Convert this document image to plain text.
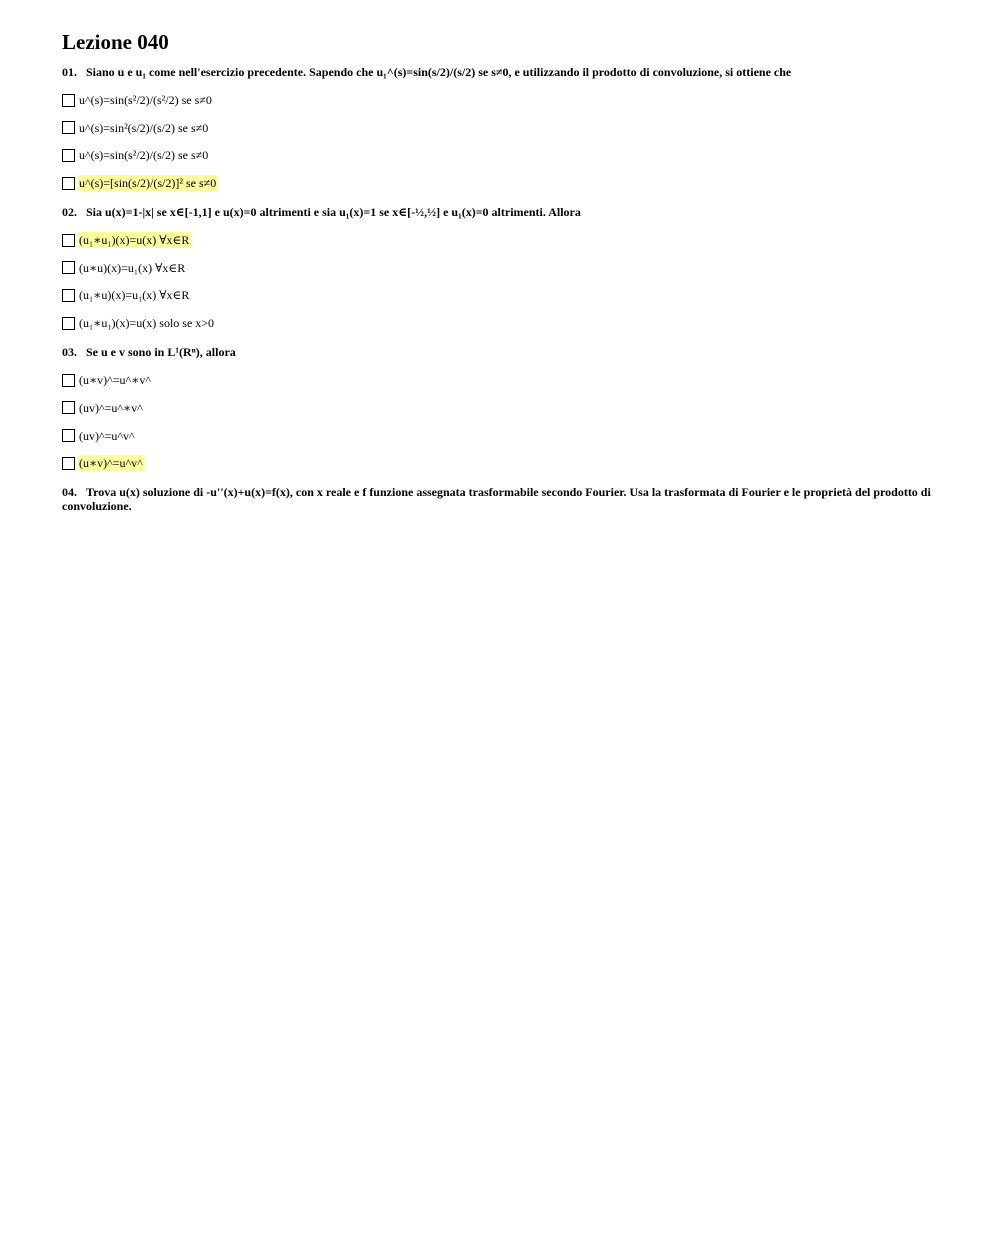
Lezione 040

01. Siano u e u₁ come nell'esercizio precedente. Sapendo che u₁^(s)=sin(s/2)/(s/2) se s≠0, e utilizzando il prodotto di convoluzione, si ottiene che

u^(s)=sin(s²/2)/(s²/2) se s≠0
u^(s)=sin²(s/2)/(s/2) se s≠0
u^(s)=sin(s²/2)/(s/2) se s≠0
u^(s)=[sin(s/2)/(s/2)]² se s≠0

02. Sia u(x)=1-|x| se x∈[-1,1] e u(x)=0 altrimenti e sia u₁(x)=1 se x∈[-½,½] e u₁(x)=0 altrimenti. Allora

(u₁∗u₁)(x)=u(x) ∀x∈R
(u∗u)(x)=u₁(x) ∀x∈R
(u₁∗u)(x)=u₁(x) ∀x∈R
(u₁∗u₁)(x)=u(x) solo se x>0

03. Se u e v sono in L¹(Rⁿ), allora

(u∗v)^=u^∗v^
(uv)^=u^∗v^
(uv)^=u^v^
(u∗v)^=u^v^

04. Trova u(x) soluzione di -u''(x)+u(x)=f(x), con x reale e f funzione assegnata trasformabile secondo Fourier. Usa la trasformata di Fourier e le proprietà del prodotto di convoluzione.
